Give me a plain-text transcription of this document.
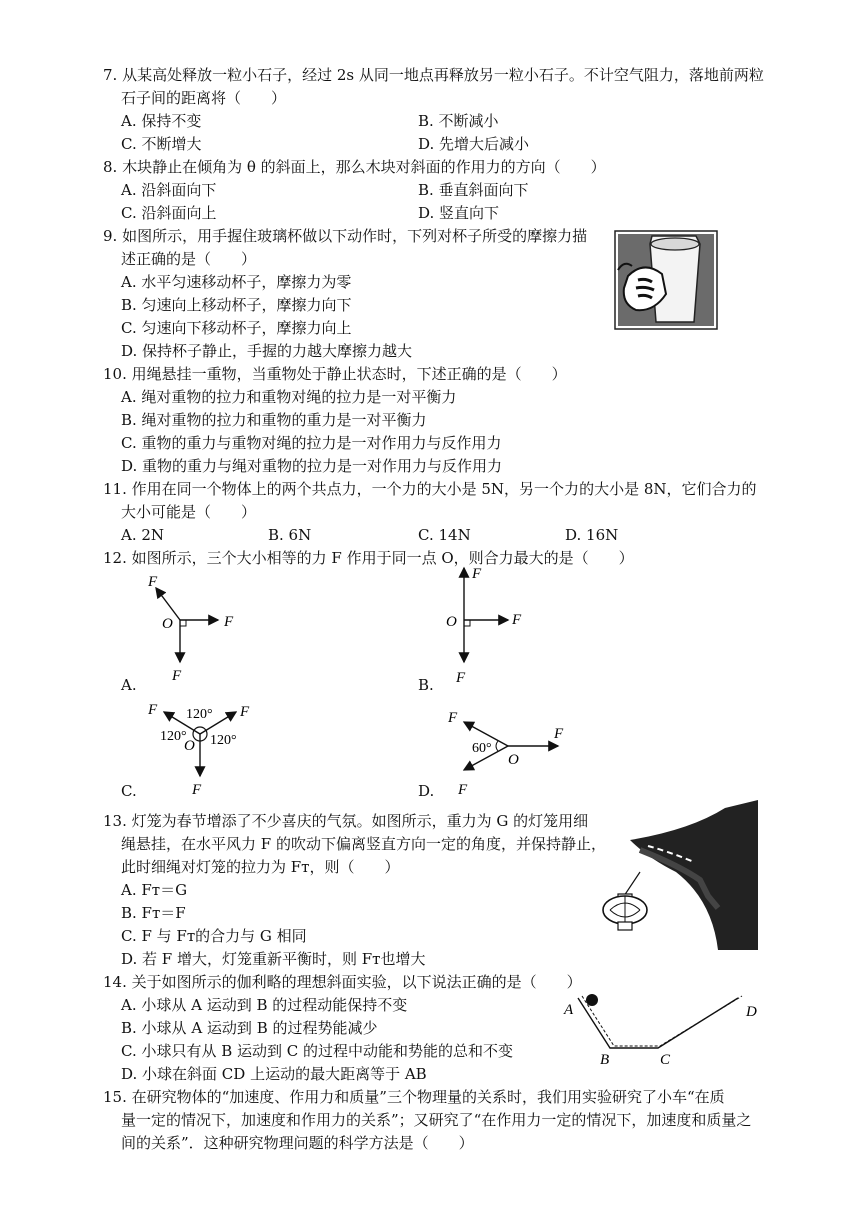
7. 从某高处释放一粒小石子，经过 2s 从同一地点再释放另一粒小石子。不计空气阻力，落地前两粒
石子间的距离将（　　）
A. 保持不变	B. 不断减小
C. 不断增大	D. 先增大后减小
8. 木块静止在倾角为 θ 的斜面上，那么木块对斜面的作用力的方向（　　）
A. 沿斜面向下	B. 垂直斜面向下
C. 沿斜面向上	D. 竖直向下
9. 如图所示，用手握住玻璃杯做以下动作时，下列对杯子所受的摩擦力描
述正确的是（　　）
A. 水平匀速移动杯子，摩擦力为零
B. 匀速向上移动杯子，摩擦力向下
C. 匀速向下移动杯子，摩擦力向上
D. 保持杯子静止，手握的力越大摩擦力越大
10. 用绳悬挂一重物，当重物处于静止状态时，下述正确的是（　　）
A. 绳对重物的拉力和重物对绳的拉力是一对平衡力
B. 绳对重物的拉力和重物的重力是一对平衡力
C. 重物的重力与重物对绳的拉力是一对作用力与反作用力
D. 重物的重力与绳对重物的拉力是一对作用力与反作用力
11. 作用在同一个物体上的两个共点力，一个力的大小是 5N，另一个力的大小是 8N，它们合力的
大小可能是（　　）
A. 2N	B. 6N	C. 14N	D. 16N
12. 如图所示，三个大小相等的力 F 作用于同一点 O，则合力最大的是（　　）
A.
F
F
F
O
B.
F
F
F
O
C.
F	F
F
O
120°
120° 120°
D.
F
F
F
O
60°
13. 灯笼为春节增添了不少喜庆的气氛。如图所示，重力为 G 的灯笼用细
绳悬挂，在水平风力 F 的吹动下偏离竖直方向一定的角度，并保持静止，
此时细绳对灯笼的拉力为 Fт，则（　　）
A. Fт＝G
B. Fт＝F
C. F 与 Fт的合力与 G 相同
D. 若 F 增大，灯笼重新平衡时，则 Fт也增大
14. 关于如图所示的伽利略的理想斜面实验，以下说法正确的是（　　）
A. 小球从 A 运动到 B 的过程动能保持不变
B. 小球从 A 运动到 B 的过程势能减少
C. 小球只有从 B 运动到 C 的过程中动能和势能的总和不变
D. 小球在斜面 CD 上运动的最大距离等于 AB
A
B	C
D
15. 在研究物体的“加速度、作用力和质量”三个物理量的关系时，我们用实验研究了小车“在质
量一定的情况下，加速度和作用力的关系”；又研究了“在作用力一定的情况下，加速度和质量之
间的关系”．这种研究物理问题的科学方法是（　　）
